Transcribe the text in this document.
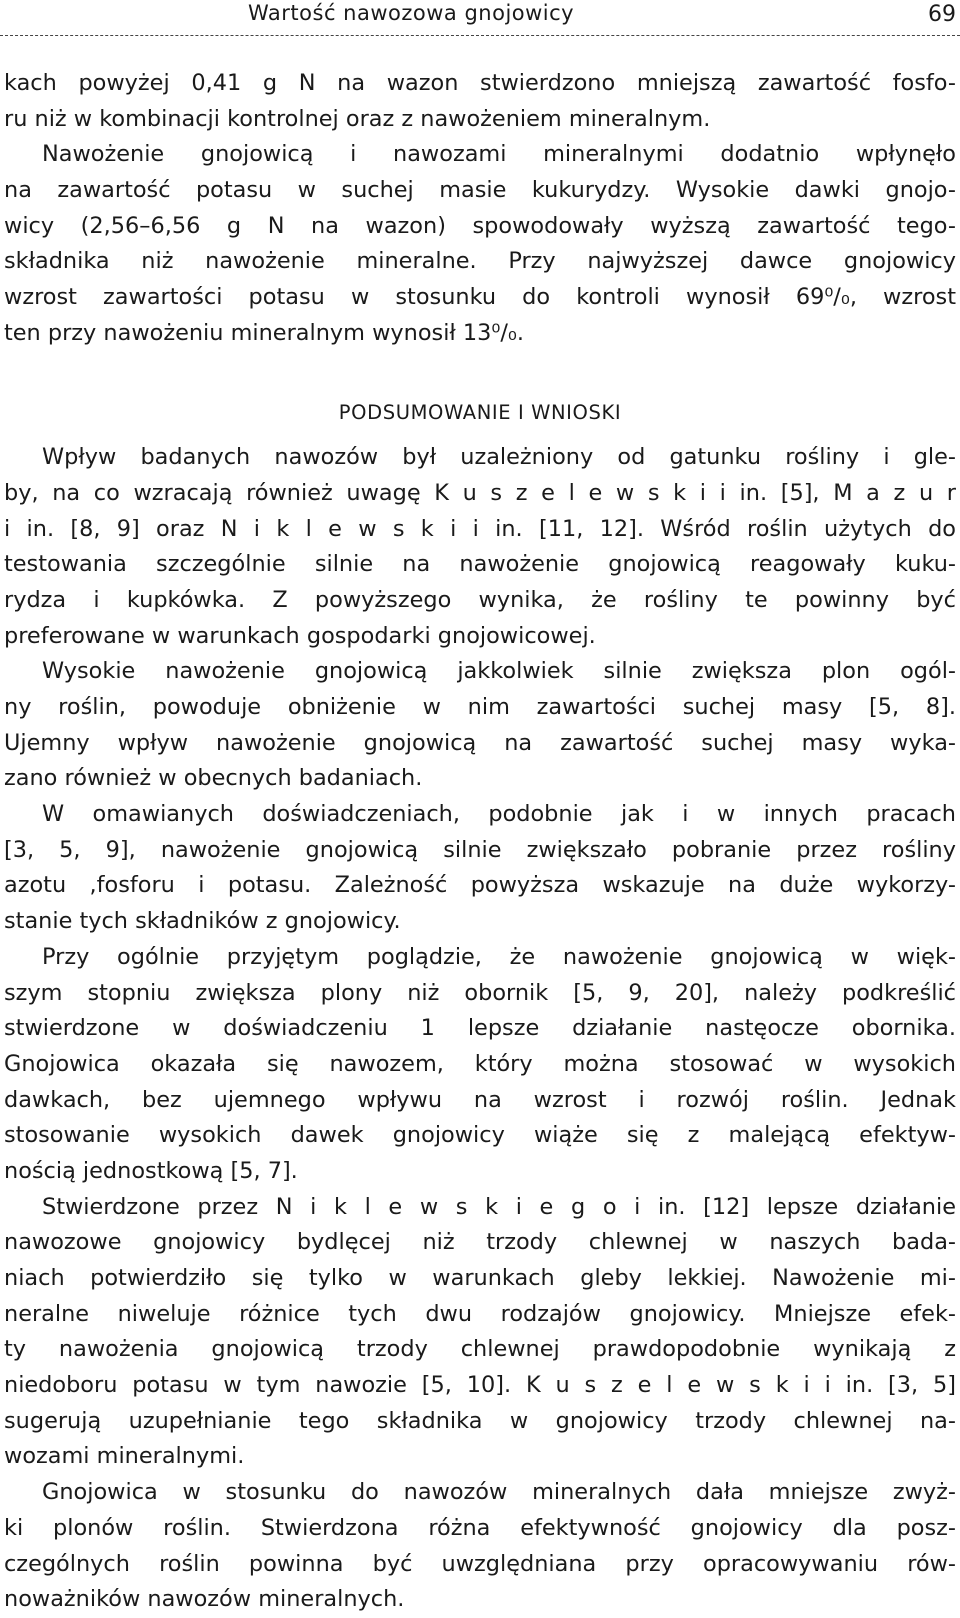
Wartość nawozowa gnojowicy	69
kach powyżej 0,41 g N na wazon stwierdzono mniejszą zawartość fosfo-
ru niż w kombinacji kontrolnej oraz z nawożeniem mineralnym.
Nawożenie gnojowicą i nawozami mineralnymi dodatnio wpłynęło
na zawartość potasu w suchej masie kukurydzy. Wysokie dawki gnojo-
wicy (2,56–6,56 g N na wazon) spowodowały wyższą zawartość tego-
składnika niż nawożenie mineralne. Przy najwyższej dawce gnojowicy
wzrost zawartości potasu w stosunku do kontroli wynosił 69⁰/₀, wzrost
ten przy nawożeniu mineralnym wynosił 13⁰/₀.
PODSUMOWANIE I WNIOSKI
Wpływ badanych nawozów był uzależniony od gatunku rośliny i gle-
by, na co wzracają również uwagę K u s z e l e w s k i i in. [5], M a z u r
i in. [8, 9] oraz N i k l e w s k i i in. [11, 12]. Wśród roślin użytych do
testowania szczególnie silnie na nawożenie gnojowicą reagowały kuku-
rydza i kupkówka. Z powyższego wynika, że rośliny te powinny być
preferowane w warunkach gospodarki gnojowicowej.
Wysokie nawożenie gnojowicą jakkolwiek silnie zwiększa plon ogól-
ny roślin, powoduje obniżenie w nim zawartości suchej masy [5, 8].
Ujemny wpływ nawożenie gnojowicą na zawartość suchej masy wyka-
zano również w obecnych badaniach.
W omawianych doświadczeniach, podobnie jak i w innych pracach
[3, 5, 9], nawożenie gnojowicą silnie zwiększało pobranie przez rośliny
azotu ,fosforu i potasu. Zależność powyższa wskazuje na duże wykorzy-
stanie tych składników z gnojowicy.
Przy ogólnie przyjętym poglądzie, że nawożenie gnojowicą w więk-
szym stopniu zwiększa plony niż obornik [5, 9, 20], należy podkreślić
stwierdzone w doświadczeniu 1 lepsze działanie nastęocze obornika.
Gnojowica okazała się nawozem, który można stosować w wysokich
dawkach, bez ujemnego wpływu na wzrost i rozwój roślin. Jednak
stosowanie wysokich dawek gnojowicy wiąże się z malejącą efektyw-
nością jednostkową [5, 7].
Stwierdzone przez N i k l e w s k i e g o i in. [12] lepsze działanie
nawozowe gnojowicy bydlęcej niż trzody chlewnej w naszych bada-
niach potwierdziło się tylko w warunkach gleby lekkiej. Nawożenie mi-
neralne niweluje różnice tych dwu rodzajów gnojowicy. Mniejsze efek-
ty nawożenia gnojowicą trzody chlewnej prawdopodobnie wynikają z
niedoboru potasu w tym nawozie [5, 10]. K u s z e l e w s k i i in. [3, 5]
sugerują uzupełnianie tego składnika w gnojowicy trzody chlewnej na-
wozami mineralnymi.
Gnojowica w stosunku do nawozów mineralnych dała mniejsze zwyż-
ki plonów roślin. Stwierdzona różna efektywność gnojowicy dla posz-
czególnych roślin powinna być uwzględniana przy opracowywaniu rów-
noważników nawozów mineralnych.
